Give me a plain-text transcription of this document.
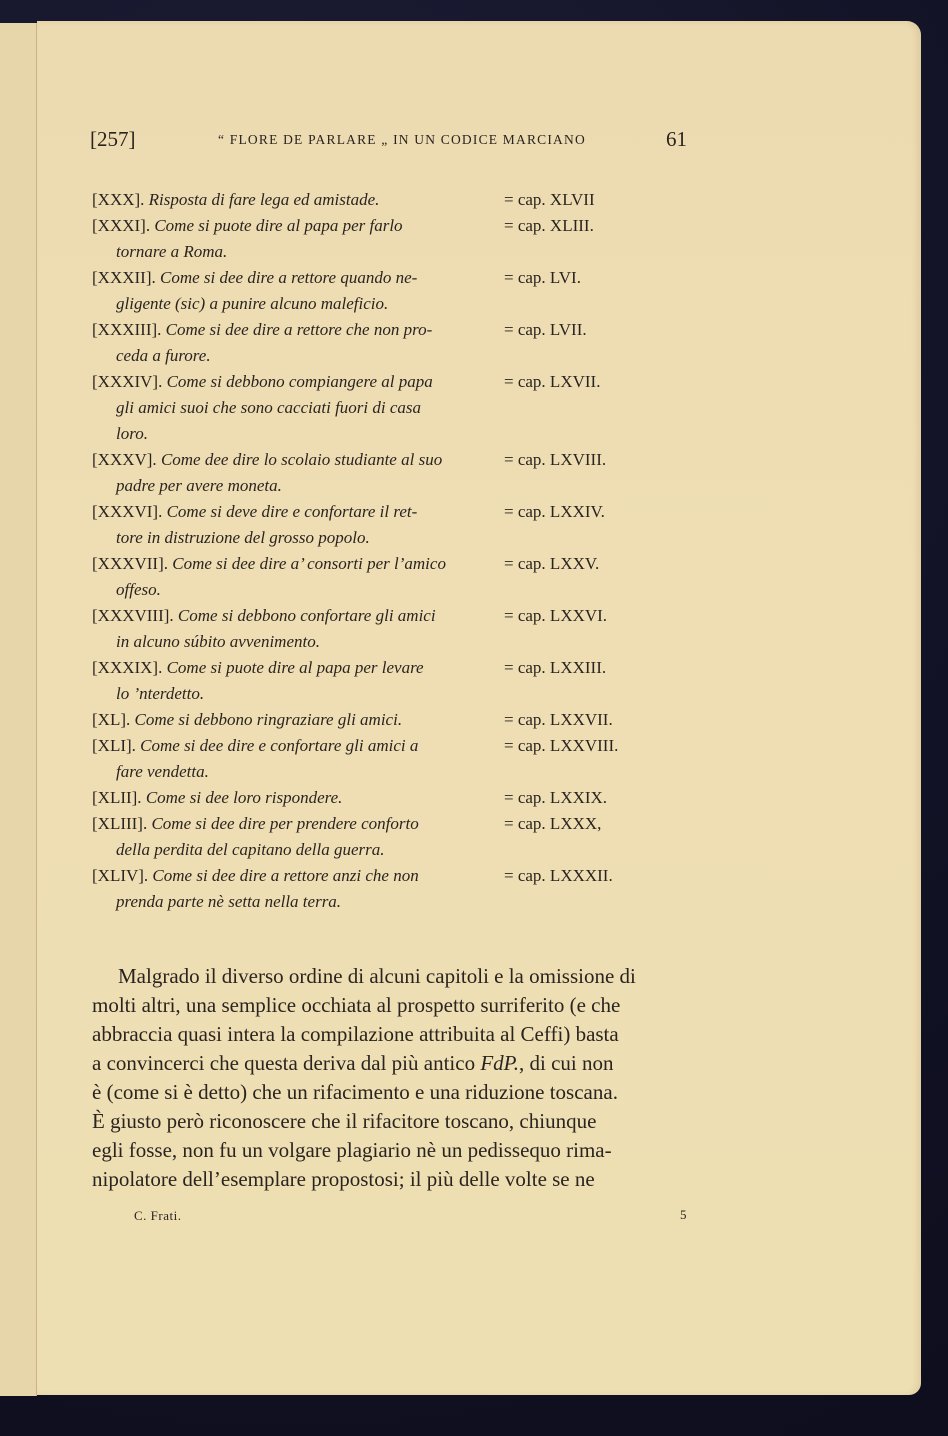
[257]	“ FLORE DE PARLARE „ IN UN CODICE MARCIANO	61
[XXX]. Risposta di fare lega ed amistade.	= cap. XLVII
[XXXI]. Come si puote dire al papa per farlo	= cap. XLIII.
tornare a Roma.
[XXXII]. Come si dee dire a rettore quando ne-	= cap. LVI.
gligente (sic) a punire alcuno maleficio.
[XXXIII]. Come si dee dire a rettore che non pro-	= cap. LVII.
ceda a furore.
[XXXIV]. Come si debbono compiangere al papa	= cap. LXVII.
gli amici suoi che sono cacciati fuori di casa
loro.
[XXXV]. Come dee dire lo scolaio studiante al suo	= cap. LXVIII.
padre per avere moneta.
[XXXVI]. Come si deve dire e confortare il ret-	= cap. LXXIV.
tore in distruzione del grosso popolo.
[XXXVII]. Come si dee dire a’ consorti per l’amico	= cap. LXXV.
offeso.
[XXXVIII]. Come si debbono confortare gli amici	= cap. LXXVI.
in alcuno súbito avvenimento.
[XXXIX]. Come si puote dire al papa per levare	= cap. LXXIII.
lo ’nterdetto.
[XL]. Come si debbono ringraziare gli amici.	= cap. LXXVII.
[XLI]. Come si dee dire e confortare gli amici a	= cap. LXXVIII.
fare vendetta.
[XLII]. Come si dee loro rispondere.	= cap. LXXIX.
[XLIII]. Come si dee dire per prendere conforto	= cap. LXXX,
della perdita del capitano della guerra.
[XLIV]. Come si dee dire a rettore anzi che non	= cap. LXXXII.
prenda parte nè setta nella terra.
Malgrado il diverso ordine di alcuni capitoli e la omissione di
molti altri, una semplice occhiata al prospetto surriferito (e che
abbraccia quasi intera la compilazione attribuita al Ceffi) basta
a convincerci che questa deriva dal più antico FdP., di cui non
è (come si è detto) che un rifacimento e una riduzione toscana.
È giusto però riconoscere che il rifacitore toscano, chiunque
egli fosse, non fu un volgare plagiario nè un pedissequo rima-
nipolatore dell’esemplare propostosi; il più delle volte se ne
C. Frati.	5
